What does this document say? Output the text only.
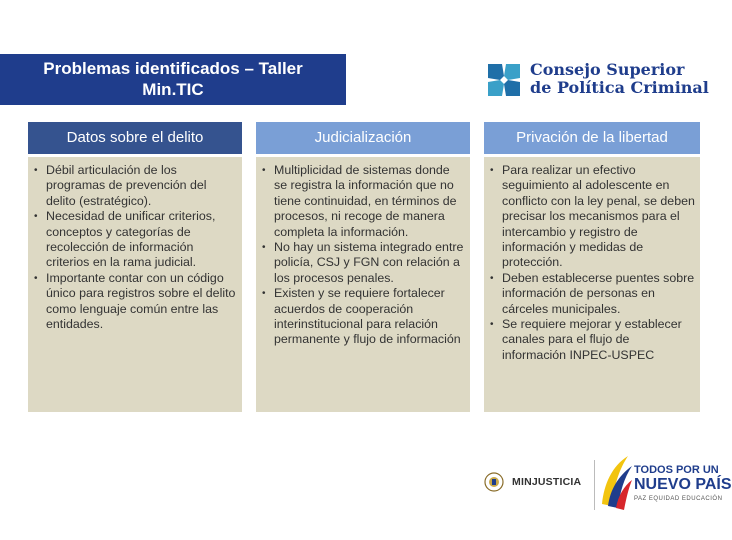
Problemas identificados – Taller
Min.TIC
Consejo Superior
de Política Criminal
Datos sobre el delito
• Débil articulación de los programas de prevención del delito (estratégico).
• Necesidad de unificar criterios, conceptos y categorías de recolección de información criterios en la rama judicial.
• Importante contar con un código único para registros sobre el delito como lenguaje común entre las entidades.
Judicialización
• Multiplicidad de sistemas donde se registra la información que no tiene continuidad, en términos de procesos, ni recoge de manera completa la información.
• No hay un sistema integrado entre policía, CSJ y FGN con relación a los procesos penales.
• Existen y se requiere fortalecer acuerdos de cooperación interinstitucional para relación permanente y flujo de información
Privación de la libertad
• Para realizar un efectivo seguimiento al adolescente en conflicto con la ley penal, se deben precisar los mecanismos para el intercambio y registro de información y medidas de protección.
• Deben establecerse puentes sobre información de personas en cárceles municipales.
• Se requiere mejorar y establecer canales para el flujo de información INPEC-USPEC
MINJUSTICIA
TODOS POR UN
NUEVO PAÍS
PAZ EQUIDAD EDUCACIÓN
